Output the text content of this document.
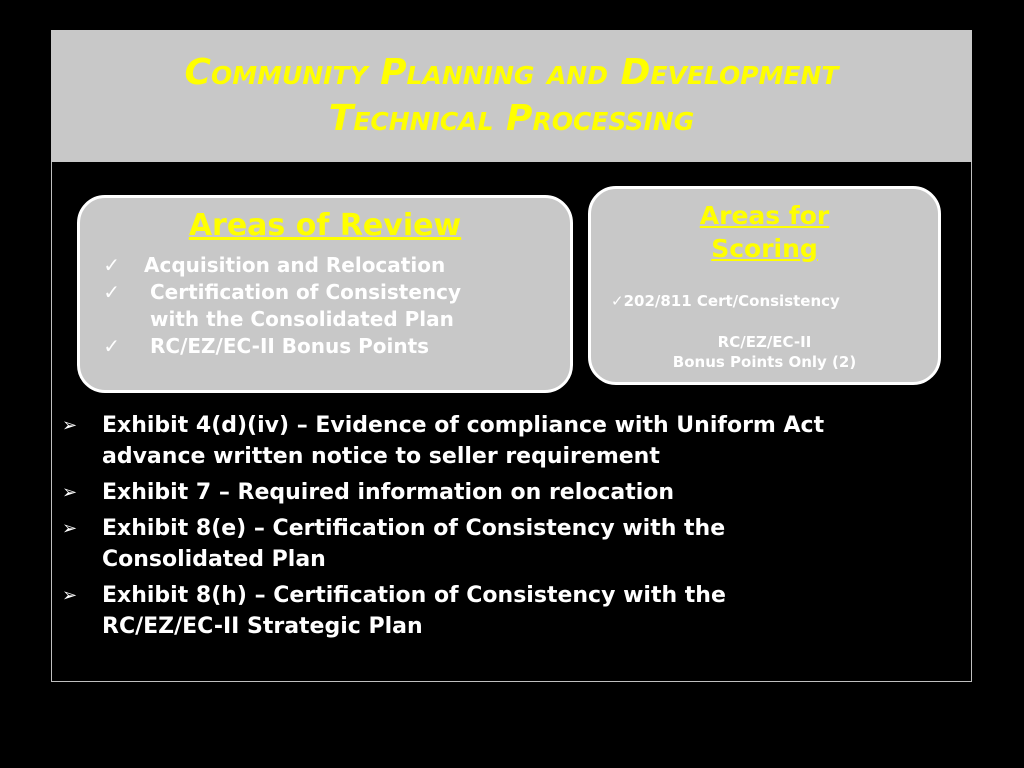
Community Planning and Development
Technical Processing
Areas of Review
✓	Acquisition and Relocation
✓	Certification of Consistency
with the Consolidated Plan
✓	RC/EZ/EC-II Bonus Points
Areas for
Scoring
✓202/811 Cert/Consistency
RC/EZ/EC-II
Bonus Points Only (2)
➢	Exhibit 4(d)(iv) – Evidence of compliance with Uniform Act
advance written notice to seller requirement
➢	Exhibit 7 – Required information on relocation
➢	Exhibit 8(e) – Certification of Consistency with the
Consolidated Plan
➢	Exhibit 8(h) – Certification of Consistency with the
RC/EZ/EC-II Strategic Plan
